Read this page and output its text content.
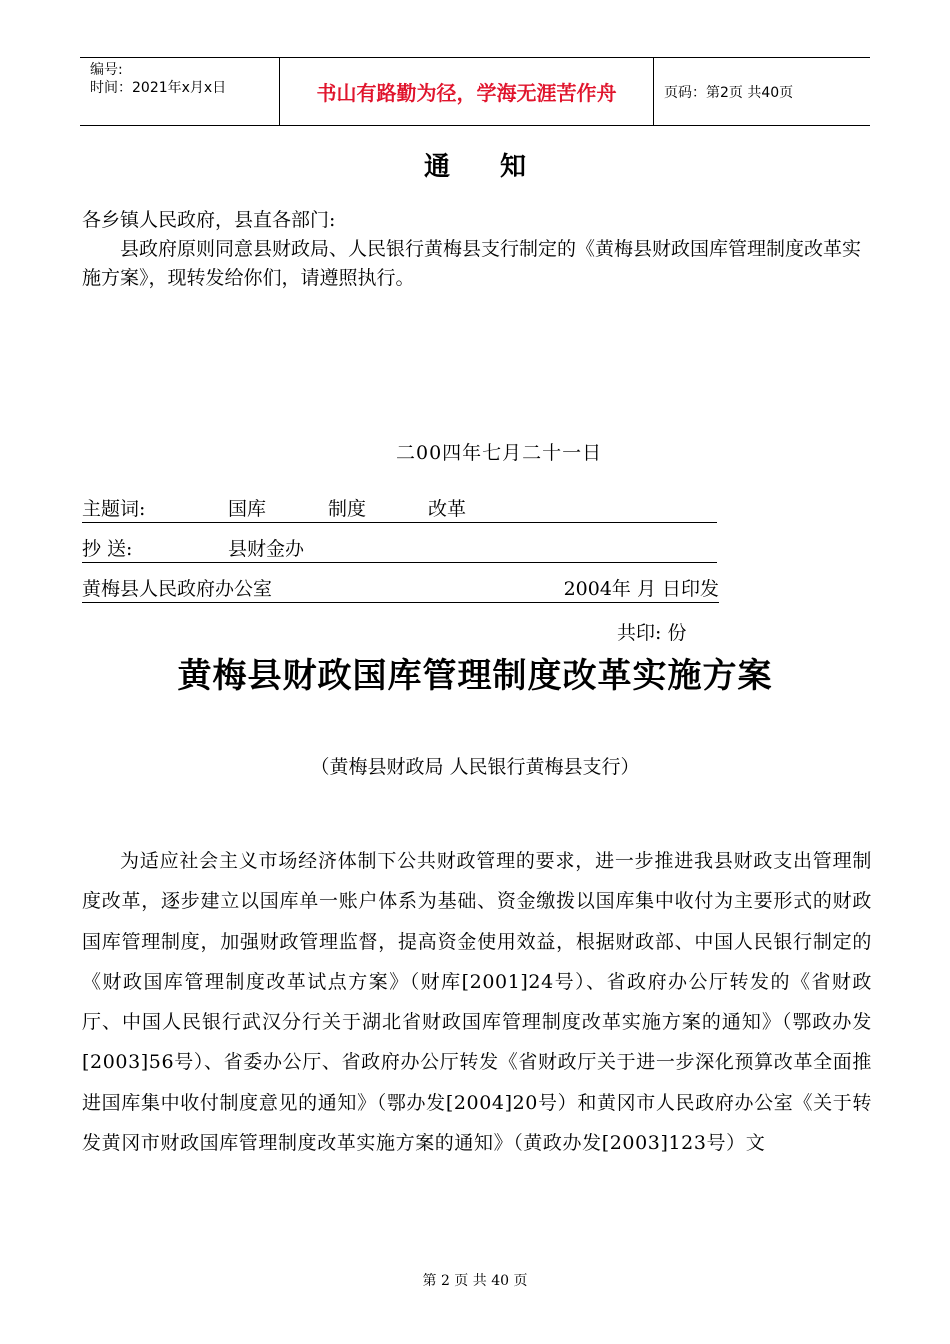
编号:
时间：2021年x月x日	书山有路勤为径，学海无涯苦作舟	页码：第2页 共40页
通知
各乡镇人民政府，县直各部门:
县政府原则同意县财政局、人民银行黄梅县支行制定的《黄梅县财政国库管理制度改革实施方案》，现转发给你们，请遵照执行。
二00四年七月二十一日
主题词:	国库	制度	改革
抄 送:	县财金办
黄梅县人民政府办公室	2004年 月 日印发
共印: 份
黄梅县财政国库管理制度改革实施方案
（黄梅县财政局 人民银行黄梅县支行）
为适应社会主义市场经济体制下公共财政管理的要求，进一步推进我县财政支出管理制度改革，逐步建立以国库单一账户体系为基础、资金缴拨以国库集中收付为主要形式的财政国库管理制度，加强财政管理监督，提高资金使用效益，根据财政部、中国人民银行制定的《财政国库管理制度改革试点方案》（财库[2001]24号）、省政府办公厅转发的《省财政厅、中国人民银行武汉分行关于湖北省财政国库管理制度改革实施方案的通知》（鄂政办发[2003]56号）、省委办公厅、省政府办公厅转发《省财政厅关于进一步深化预算改革全面推进国库集中收付制度意见的通知》（鄂办发[2004]20号）和黄冈市人民政府办公室《关于转发黄冈市财政国库管理制度改革实施方案的通知》（黄政办发[2003]123号）文
第 2 页 共 40 页
